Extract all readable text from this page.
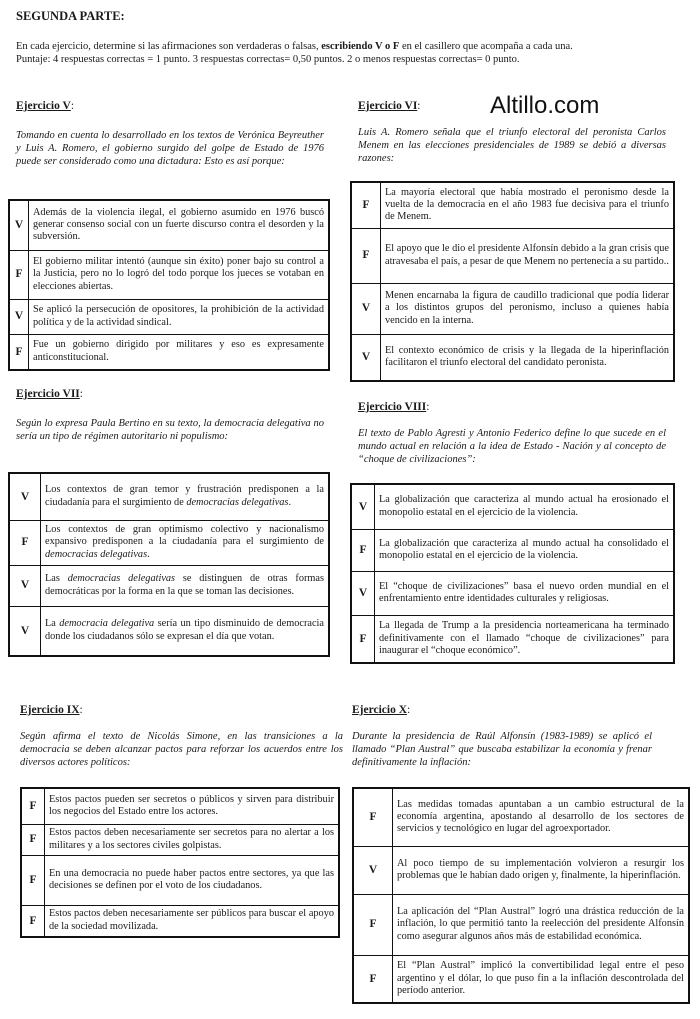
SEGUNDA PARTE:
En cada ejercicio, determine si las afirmaciones son verdaderas o falsas, escribiendo V o F en el casillero que acompaña a cada una.
Puntaje: 4 respuestas correctas = 1 punto. 3 respuestas correctas= 0,50 puntos. 2 o menos respuestas correctas= 0 punto.
Altillo.com
Ejercicio V:
Tomando en cuenta lo desarrollado en los textos de Verónica Beyreuther y Luis A. Romero, el gobierno surgido del golpe de Estado de 1976 puede ser considerado como una dictadura: Esto es así porque:
V	Además de la violencia ilegal, el gobierno asumido en 1976 buscó generar consenso social con un fuerte discurso contra el desorden y la subversión.
F	El gobierno militar intentó (aunque sin éxito) poner bajo su control a la Justicia, pero no lo logró del todo porque los jueces se votaban en elecciones abiertas.
V	Se aplicó la persecución de opositores, la prohibición de la actividad política y de la actividad sindical.
F	Fue un gobierno dirigido por militares y eso es expresamente anticonstitucional.
Ejercicio VI:
Luis A. Romero señala que el triunfo electoral del peronista Carlos Menem en las elecciones presidenciales de 1989 se debió a diversas razones:
F	La mayoría electoral que había mostrado el peronismo desde la vuelta de la democracia en el año 1983 fue decisiva para el triunfo de Menem.
F	El apoyo que le dio el presidente Alfonsín debido a la gran crisis que atravesaba el país, a pesar de que Menem no pertenecía a su partido..
V	Menen encarnaba la figura de caudillo tradicional que podía liderar a los distintos grupos del peronismo, incluso a quienes había vencido en la interna.
V	El contexto económico de crisis y la llegada de la hiperinflación facilitaron el triunfo electoral del candidato peronista.
Ejercicio VII:
Según lo expresa Paula Bertino en su texto, la democracia delegativa no sería un tipo de régimen autoritario ni populismo:
V	Los contextos de gran temor y frustración predisponen a la ciudadanía para el surgimiento de democracias delegativas.
F	Los contextos de gran optimismo colectivo y nacionalismo expansivo predisponen a la ciudadanía para el surgimiento de democracias delegativas.
V	Las democracias delegativas se distinguen de otras formas democráticas por la forma en la que se toman las decisiones.
V	La democracia delegativa sería un tipo disminuido de democracia donde los ciudadanos sólo se expresan el día que votan.
Ejercicio VIII:
El texto de Pablo Agresti y Antonio Federico define lo que sucede en el mundo actual en relación a la idea de Estado - Nación y al concepto de “choque de civilizaciones”:
V	La globalización que caracteriza al mundo actual ha erosionado el monopolio estatal en el ejercicio de la violencia.
F	La globalización que caracteriza al mundo actual ha consolidado el monopolio estatal en el ejercicio de la violencia.
V	El “choque de civilizaciones” basa el nuevo orden mundial en el enfrentamiento entre identidades culturales y religiosas.
F	La llegada de Trump a la presidencia norteamericana ha terminado definitivamente con el llamado “choque de civilizaciones” para inaugurar el “choque económico”.
Ejercicio IX:
Según afirma el texto de Nicolás Simone, en las transiciones a la democracia se deben alcanzar pactos para reforzar los acuerdos entre los diversos actores políticos:
F	Estos pactos pueden ser secretos o públicos y sirven para distribuir los negocios del Estado entre los actores.
F	Estos pactos deben necesariamente ser secretos para no alertar a los militares y a los sectores civiles golpistas.
F	En una democracia no puede haber pactos entre sectores, ya que las decisiones se definen por el voto de los ciudadanos.
F	Estos pactos deben necesariamente ser públicos para buscar el apoyo de la sociedad movilizada.
Ejercicio X:
Durante la presidencia de Raúl Alfonsín (1983-1989) se aplicó el llamado “Plan Austral” que buscaba estabilizar la economía y frenar definitivamente la inflación:
F	Las medidas tomadas apuntaban a un cambio estructural de la economía argentina, apostando al desarrollo de los sectores de servicios y tecnológico en lugar del agroexportador.
V	Al poco tiempo de su implementación volvieron a resurgir los problemas que le habían dado origen y, finalmente, la hiperinflación.
F	La aplicación del “Plan Austral” logró una drástica reducción de la inflación, lo que permitió tanto la reelección del presidente Alfonsín como asegurar algunos años más de estabilidad económica.
F	El “Plan Austral” implicó la convertibilidad legal entre el peso argentino y el dólar, lo que puso fin a la inflación descontrolada del período anterior.
